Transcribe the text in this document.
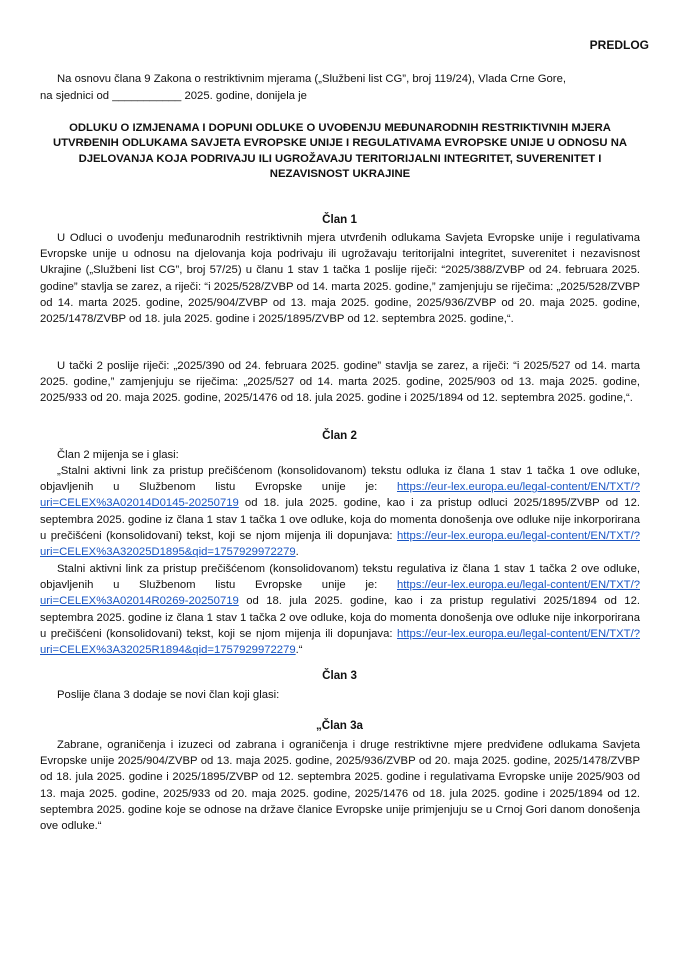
PREDLOG

Na osnovu člana 9 Zakona o restriktivnim mjerama („Službeni list CG”, broj 119/24), Vlada Crne Gore,

na sjednici od ___________ 2025. godine, donijela je

ODLUKU O IZMJENAMA I DOPUNI ODLUKE O UVOĐENJU MEĐUNARODNIH RESTRIKTIVNIH MJERA UTVRĐENIH ODLUKAMA SAVJETA EVROPSKE UNIJE I REGULATIVAMA EVROPSKE UNIJE U ODNOSU NA DJELOVANJA KOJA PODRIVAJU ILI UGROŽAVAJU TERITORIJALNI INTEGRITET, SUVERENITET I NEZAVISNOST UKRAJINE

Član 1

U Odluci o uvođenju međunarodnih restriktivnih mjera utvrđenih odlukama Savjeta Evropske unije i regulativama Evropske unije u odnosu na djelovanja koja podrivaju ili ugrožavaju teritorijalni integritet, suverenitet i nezavisnost Ukrajine („Službeni list CG”, broj 57/25) u članu 1 stav 1 tačka 1 poslije riječi: “2025/388/ZVBP od 24. februara 2025. godine” stavlja se zarez, a riječi: “i 2025/528/ZVBP od 14. marta 2025. godine,” zamjenjuju se riječima: „2025/528/ZVBP od 14. marta 2025. godine, 2025/904/ZVBP od 13. maja 2025. godine, 2025/936/ZVBP od 20. maja 2025. godine, 2025/1478/ZVBP od 18. jula 2025. godine i 2025/1895/ZVBP od 12. septembra 2025. godine,“.

U tački 2 poslije riječi: „2025/390 od 24. februara 2025. godine” stavlja se zarez, a riječi: “i 2025/527 od 14. marta 2025. godine,” zamjenjuju se riječima: „2025/527 od 14. marta 2025. godine, 2025/903 od 13. maja 2025. godine, 2025/933 od 20. maja 2025. godine, 2025/1476 od 18. jula 2025. godine i 2025/1894 od 12. septembra 2025. godine,“.

Član 2

Član 2 mijenja se i glasi:

„Stalni aktivni link za pristup prečišćenom (konsolidovanom) tekstu odluka iz člana 1 stav 1 tačka 1 ove odluke, objavljenih u Službenom listu Evropske unije je: https://eur-lex.europa.eu/legal-content/EN/TXT/?uri=CELEX%3A02014D0145-20250719 od 18. jula 2025. godine, kao i za pristup odluci 2025/1895/ZVBP od 12. septembra 2025. godine iz člana 1 stav 1 tačka 1 ove odluke, koja do momenta donošenja ove odluke nije inkorporirana u prečišćeni (konsolidovani) tekst, koji se njom mijenja ili dopunjava: https://eur-lex.europa.eu/legal-content/EN/TXT/?uri=CELEX%3A32025D1895&qid=1757929972279.

Stalni aktivni link za pristup prečišćenom (konsolidovanom) tekstu regulativa iz člana 1 stav 1 tačka 2 ove odluke, objavljenih u Službenom listu Evropske unije je: https://eur-lex.europa.eu/legal-content/EN/TXT/?uri=CELEX%3A02014R0269-20250719 od 18. jula 2025. godine, kao i za pristup regulativi 2025/1894 od 12. septembra 2025. godine iz člana 1 stav 1 tačka 2 ove odluke, koja do momenta donošenja ove odluke nije inkorporirana u prečišćeni (konsolidovani) tekst, koji se njom mijenja ili dopunjava: https://eur-lex.europa.eu/legal-content/EN/TXT/?uri=CELEX%3A32025R1894&qid=1757929972279.“

Član 3

Poslije člana 3 dodaje se novi član koji glasi:

„Član 3a

Zabrane, ograničenja i izuzeci od zabrana i ograničenja i druge restriktivne mjere predviđene odlukama Savjeta Evropske unije 2025/904/ZVBP od 13. maja 2025. godine, 2025/936/ZVBP od 20. maja 2025. godine, 2025/1478/ZVBP od 18. jula 2025. godine i 2025/1895/ZVBP od 12. septembra 2025. godine i regulativama Evropske unije 2025/903 od 13. maja 2025. godine, 2025/933 od 20. maja 2025. godine, 2025/1476 od 18. jula 2025. godine i 2025/1894 od 12. septembra 2025. godine koje se odnose na države članice Evropske unije primjenjuju se u Crnoj Gori danom donošenja ove odluke.“
